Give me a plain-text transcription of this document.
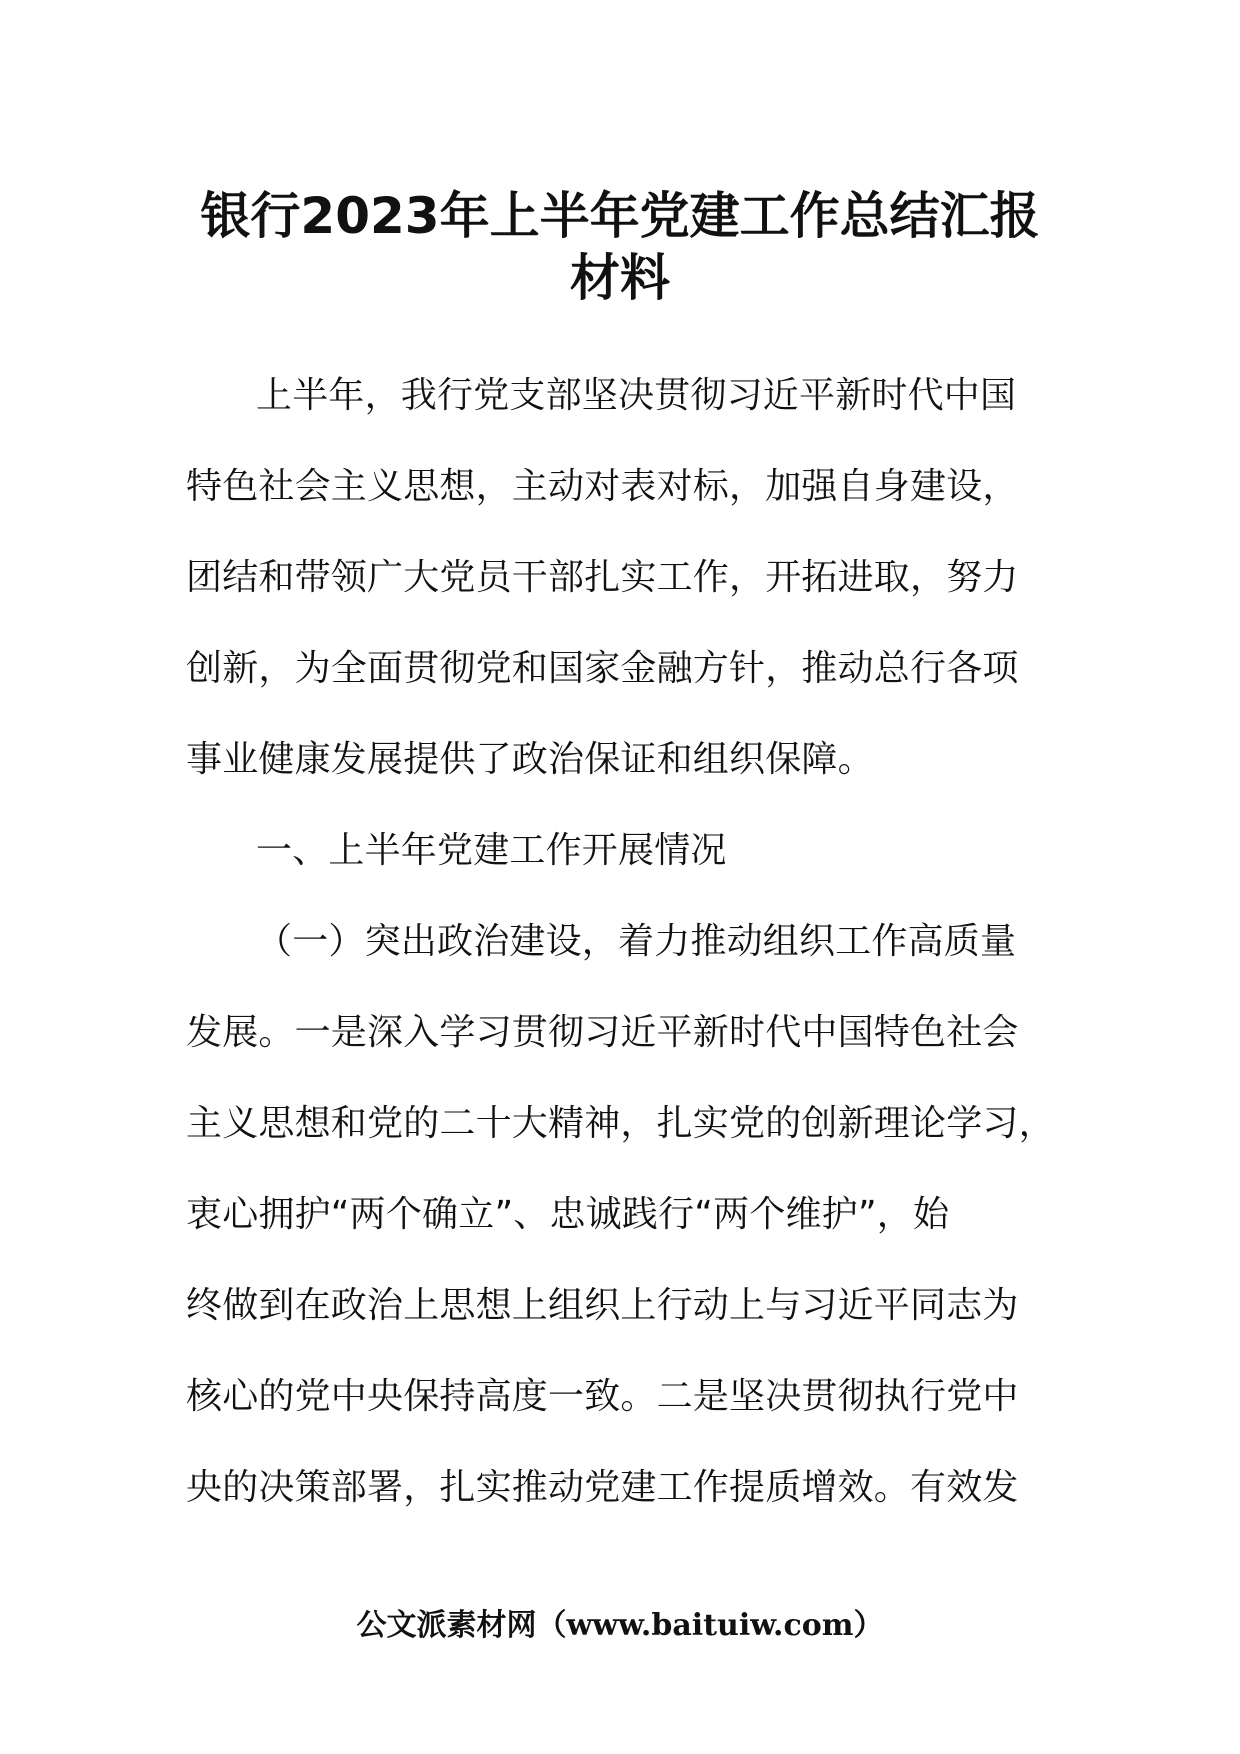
银行2023年上半年党建工作总结汇报
材料
上半年，我行党支部坚决贯彻习近平新时代中国
特色社会主义思想，主动对表对标，加强自身建设，
团结和带领广大党员干部扎实工作，开拓进取，努力
创新，为全面贯彻党和国家金融方针，推动总行各项
事业健康发展提供了政治保证和组织保障。
一、上半年党建工作开展情况
（一）突出政治建设，着力推动组织工作高质量
发展。一是深入学习贯彻习近平新时代中国特色社会
主义思想和党的二十大精神，扎实党的创新理论学习，
衷心拥护“两个确立”、忠诚践行“两个维护”，始
终做到在政治上思想上组织上行动上与习近平同志为
核心的党中央保持高度一致。二是坚决贯彻执行党中
央的决策部署，扎实推动党建工作提质增效。有效发
公文派素材网（www.baituiw.com）
